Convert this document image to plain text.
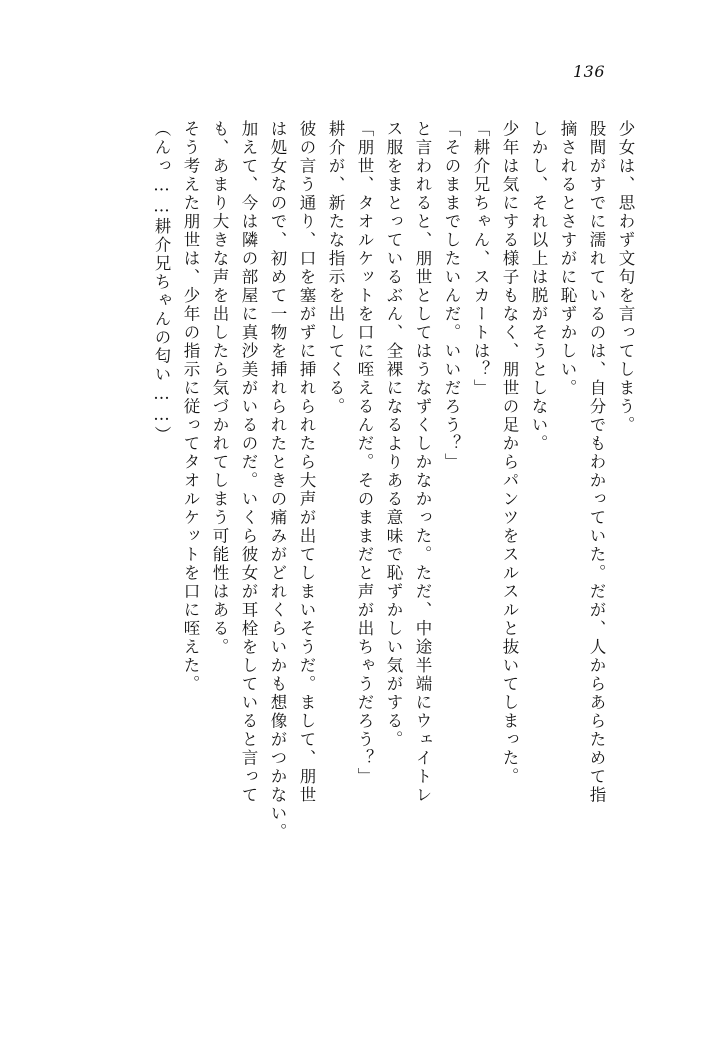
136
少女は、思わず文句を言ってしまう。
股間がすでに濡れているのは、自分でもわかっていた。だが、人からあらためて指
摘されるとさすがに恥ずかしい。
しかし、それ以上は脱がそうとしない。
少年は気にする様子もなく、朋世の足からパンツをスルスルと抜いてしまった。
「耕介兄ちゃん、スカートは？」
「そのままでしたいんだ。いいだろう？」
と言われると、朋世としてはうなずくしかなかった。ただ、中途半端にウェイトレ
ス服をまとっているぶん、全裸になるよりある意味で恥ずかしい気がする。
「朋世、タオルケットを口に咥えるんだ。そのままだと声が出ちゃうだろう？」
耕介が、新たな指示を出してくる。
彼の言う通り、口を塞がずに挿れられたら大声が出てしまいそうだ。まして、朋世
は処女なので、初めて一物を挿れられたときの痛みがどれくらいかも想像がつかない。
加えて、今は隣の部屋に真沙美がいるのだ。いくら彼女が耳栓をしていると言って
も、あまり大きな声を出したら気づかれてしまう可能性はある。
そう考えた朋世は、少年の指示に従ってタオルケットを口に咥えた。
（んっ……耕介兄ちゃんの匂い……）
